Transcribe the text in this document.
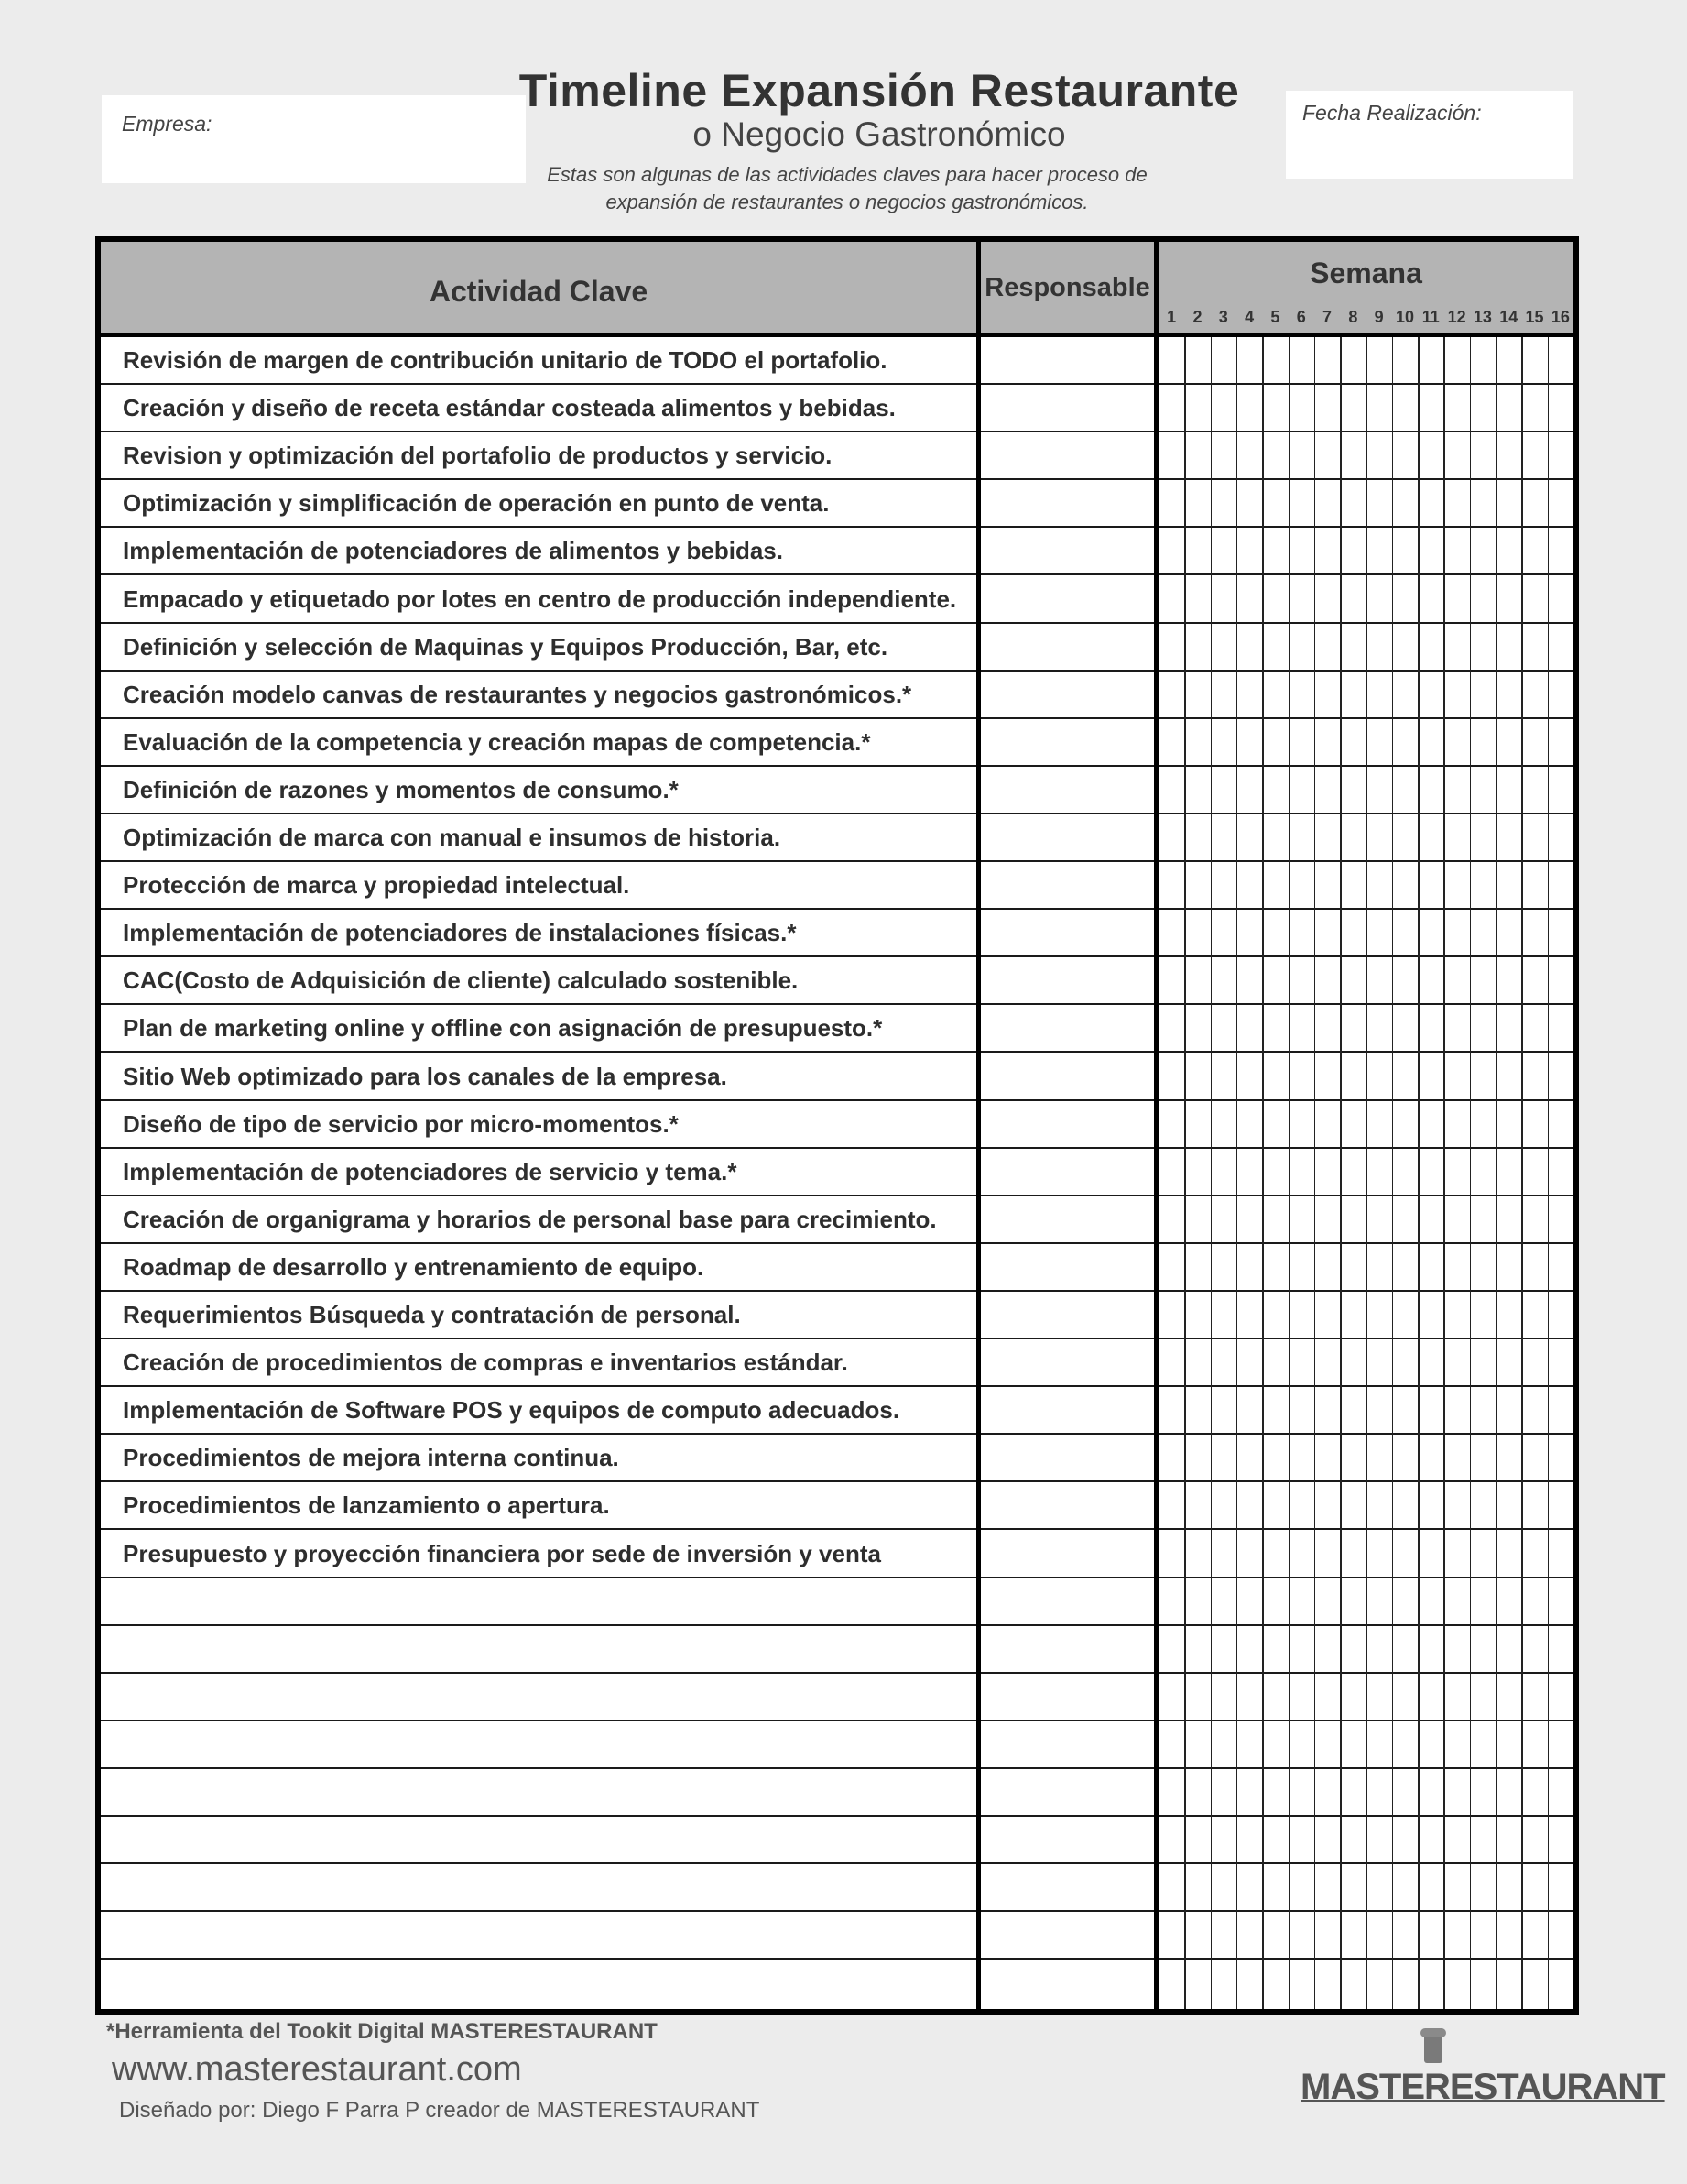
Empresa:
Timeline Expansión Restaurante
o Negocio Gastronómico
Estas son algunas de las actividades claves para hacer proceso de
expansión de restaurantes o negocios gastronómicos.
Fecha Realización:
Actividad Clave	Responsable	Semana
1	2	3	4	5	6	7	8	9 10 11 12 13 14 15 16
Revisión de margen de contribución unitario de TODO el portafolio.
Creación y diseño de receta estándar costeada alimentos y bebidas.
Revision y optimización del portafolio de productos y servicio.
Optimización y simplificación de operación en punto de venta.
Implementación de potenciadores de alimentos y bebidas.
Empacado y etiquetado por lotes en centro de producción independiente.
Definición y selección de Maquinas y Equipos Producción, Bar, etc.
Creación modelo canvas de restaurantes y negocios gastronómicos.*
Evaluación de la competencia y creación mapas de competencia.*
Definición de razones y momentos de consumo.*
Optimización de marca con manual e insumos de historia.
Protección de marca y propiedad intelectual.
Implementación de potenciadores de instalaciones físicas.*
CAC(Costo de Adquisición de cliente) calculado sostenible.
Plan de marketing online y offline con asignación de presupuesto.*
Sitio Web optimizado para los canales de la empresa.
Diseño de tipo de servicio por micro-momentos.*
Implementación de potenciadores de servicio y tema.*
Creación de organigrama y horarios de personal base para crecimiento.
Roadmap de desarrollo y entrenamiento de equipo.
Requerimientos Búsqueda y contratación de personal.
Creación de procedimientos de compras e inventarios estándar.
Implementación de Software POS y equipos de computo adecuados.
Procedimientos de mejora interna continua.
Procedimientos de lanzamiento o apertura.
Presupuesto y proyección financiera por sede de inversión y venta
*Herramienta del Tookit Digital MASTERESTAURANT
www.masterestaurant.com
Diseñado por: Diego F Parra P creador de MASTERESTAURANT
MASTERESTAURANT
